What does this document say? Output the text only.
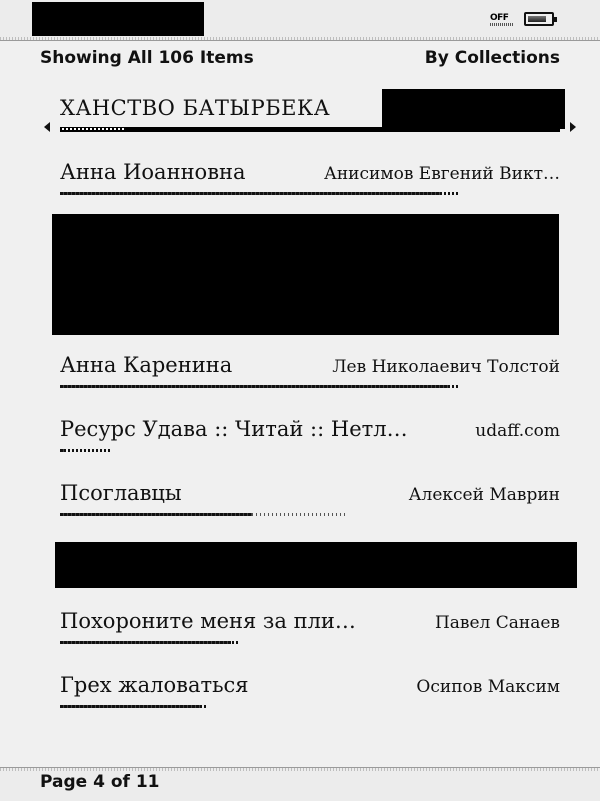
OFF
Showing All 106 Items	By Collections
ХАНСТВО БАТЫРБЕКА
Анна Иоанновна	Анисимов Евгений Викт…
Анна Каренина	Лев Николаевич Толстой
Ресурс Удава :: Читай :: Нетл…	udaff.com
Псоглавцы	Алексей Маврин
Похороните меня за пли…	Павел Санаев
Грех жаловаться	Осипов Максим
Page 4 of 11
